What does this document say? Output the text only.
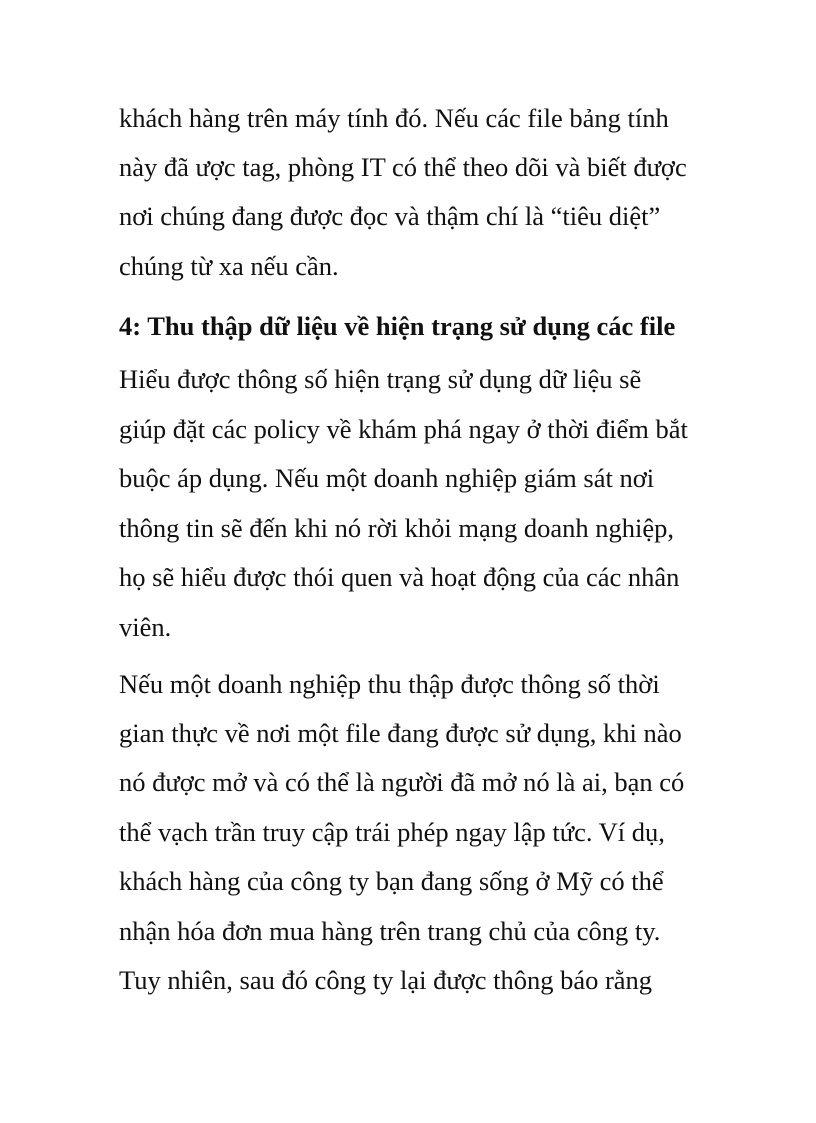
khách hàng trên máy tính đó. Nếu các file bảng tính
này đã ược tag, phòng IT có thể theo dõi và biết được
nơi chúng đang được đọc và thậm chí là “tiêu diệt”
chúng từ xa nếu cần.
4: Thu thập dữ liệu về hiện trạng sử dụng các file
Hiểu được thông số hiện trạng sử dụng dữ liệu sẽ
giúp đặt các policy về khám phá ngay ở thời điểm bắt
buộc áp dụng. Nếu một doanh nghiệp giám sát nơi
thông tin sẽ đến khi nó rời khỏi mạng doanh nghiệp,
họ sẽ hiểu được thói quen và hoạt động của các nhân
viên.
Nếu một doanh nghiệp thu thập được thông số thời
gian thực về nơi một file đang được sử dụng, khi nào
nó được mở và có thể là người đã mở nó là ai, bạn có
thể vạch trần truy cập trái phép ngay lập tức. Ví dụ,
khách hàng của công ty bạn đang sống ở Mỹ có thể
nhận hóa đơn mua hàng trên trang chủ của công ty.
Tuy nhiên, sau đó công ty lại được thông báo rằng
